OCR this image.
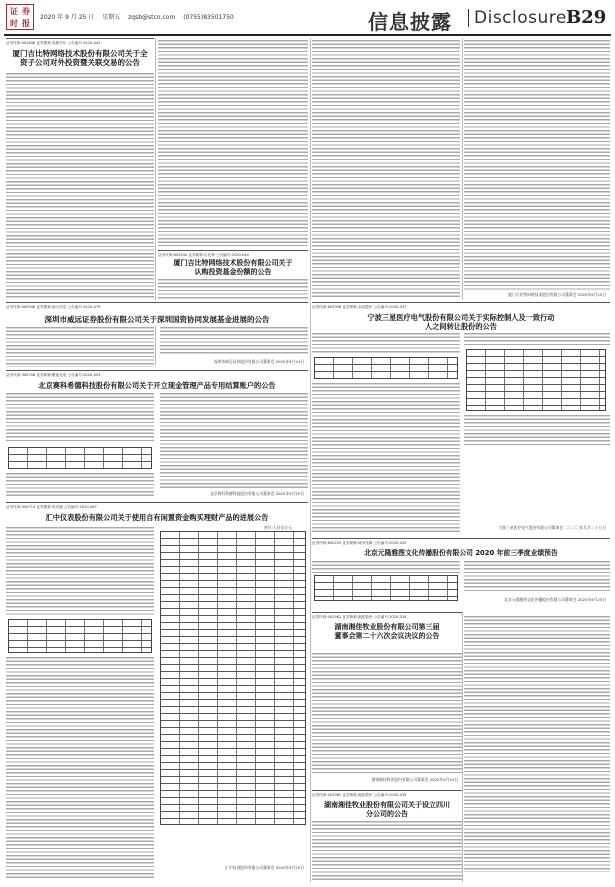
证 券
时 报
2020 年 9 月 25 日 星期五 zqsb@stcn.com (0755)83501750	信息披露 Disclosure B29
证券代码:002848 证券简称:高斯贝尔 公告编号:2020-043
厦门吉比特网络技术股份有限公司关于全资子公司对外投资暨关联交易的公告
证券代码:603444 证券简称:吉比特 公告编号:2020-044
厦门吉比特网络技术股份有限公司关于认购投资基金份额的公告
厦门吉比特网络技术股份有限公司董事会 2020年9月25日
证券代码:000948 证券简称:南天信息 公告编号:2020-079
深圳市威远证券股份有限公司关于深圳国资协同发展基金进展的公告
深圳市威远证券股份有限公司董事会 2020年9月24日
证券代码:300708 证券简称:聚灿光电 公告编号:2020-053
北京赛科希德科技股份有限公司关于开立现金管理产品专用结算账户的公告
北京赛科希德科技股份有限公司董事会 2020年9月25日
证券代码:300713 证券简称:英可瑞 公告编号:2020-067
汇中仪表股份有限公司关于使用自有闲置资金购买理财产品的进展公告
单位:人民币万元
汇中仪表股份有限公司董事会 2020年9月25日
证券代码:603396 证券简称:金辰股份 公告编号:2020-037
宁波三星医疗电气股份有限公司关于实际控制人及一致行动人之间转让股份的公告
宁波三星医疗电气股份有限公司董事会 二〇二〇年九月二十五日
证券代码:600229 证券简称:城市传媒 公告编号:2020-025
北京元隆雅图文化传播股份有限公司 2020 年前三季度业绩预告
北京元隆雅图文化传播股份有限公司董事会 2020年9月25日
证券代码:002982 证券简称:湘佳股份 公告编号:2020-034
湖南湘佳牧业股份有限公司第三届董事会第二十六次会议决议的公告
湖南湘佳牧业股份有限公司董事会 2020年9月24日
证券代码:002982 证券简称:湘佳股份 公告编号:2020-035
湖南湘佳牧业股份有限公司关于设立四川分公司的公告
